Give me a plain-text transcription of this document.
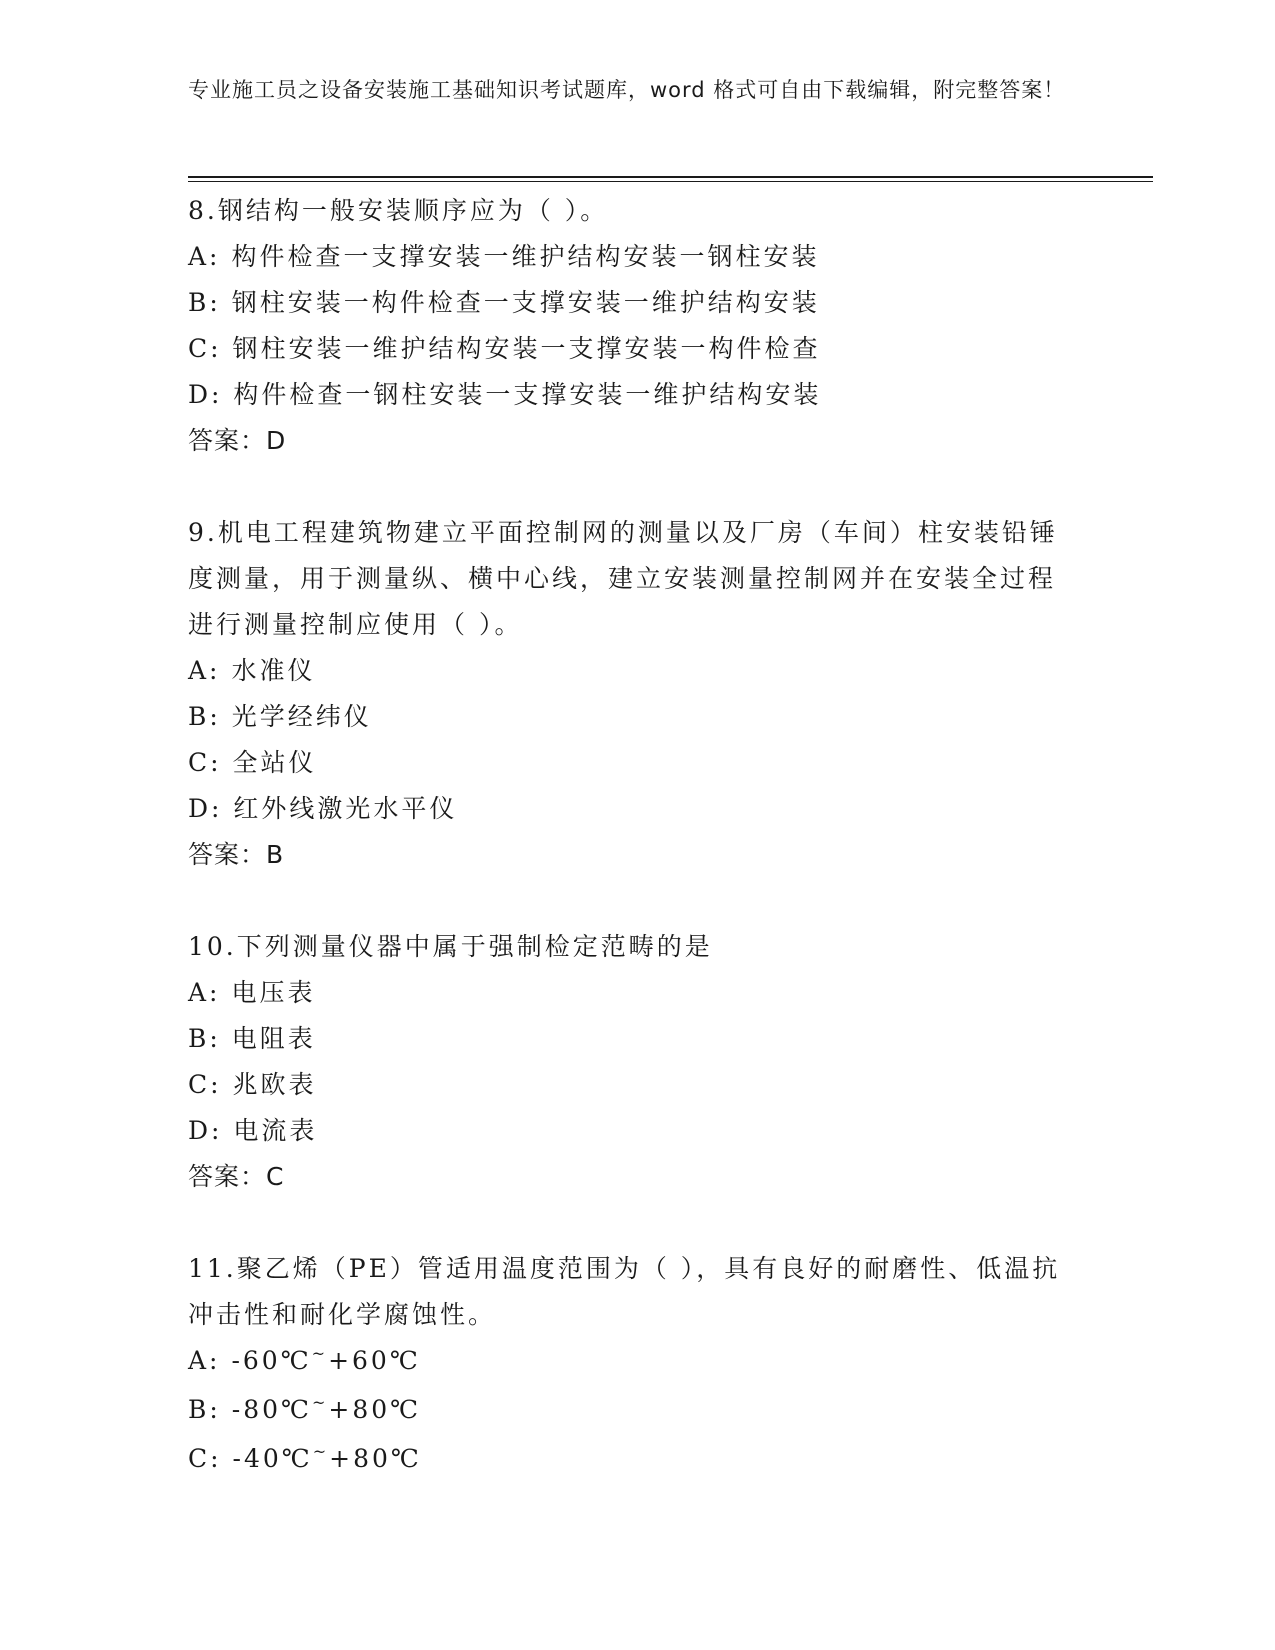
专业施工员之设备安装施工基础知识考试题库，word 格式可自由下载编辑，附完整答案！
8.钢结构一般安装顺序应为（ ）。
A: 构件检查一支撑安装一维护结构安装一钢柱安装
B: 钢柱安装一构件检查一支撑安装一维护结构安装
C: 钢柱安装一维护结构安装一支撑安装一构件检查
D: 构件检查一钢柱安装一支撑安装一维护结构安装
答案：D
9.机电工程建筑物建立平面控制网的测量以及厂房（车间）柱安装铅锤度测量，用于测量纵、横中心线，建立安装测量控制网并在安装全过程进行测量控制应使用（ ）。
A: 水准仪
B: 光学经纬仪
C: 全站仪
D: 红外线激光水平仪
答案：B
10.下列测量仪器中属于强制检定范畴的是
A: 电压表
B: 电阻表
C: 兆欧表
D: 电流表
答案：C
11.聚乙烯（PE）管适用温度范围为（ ），具有良好的耐磨性、低温抗冲击性和耐化学腐蚀性。
A: -60℃~+60℃
B: -80℃~+80℃
C: -40℃~+80℃
